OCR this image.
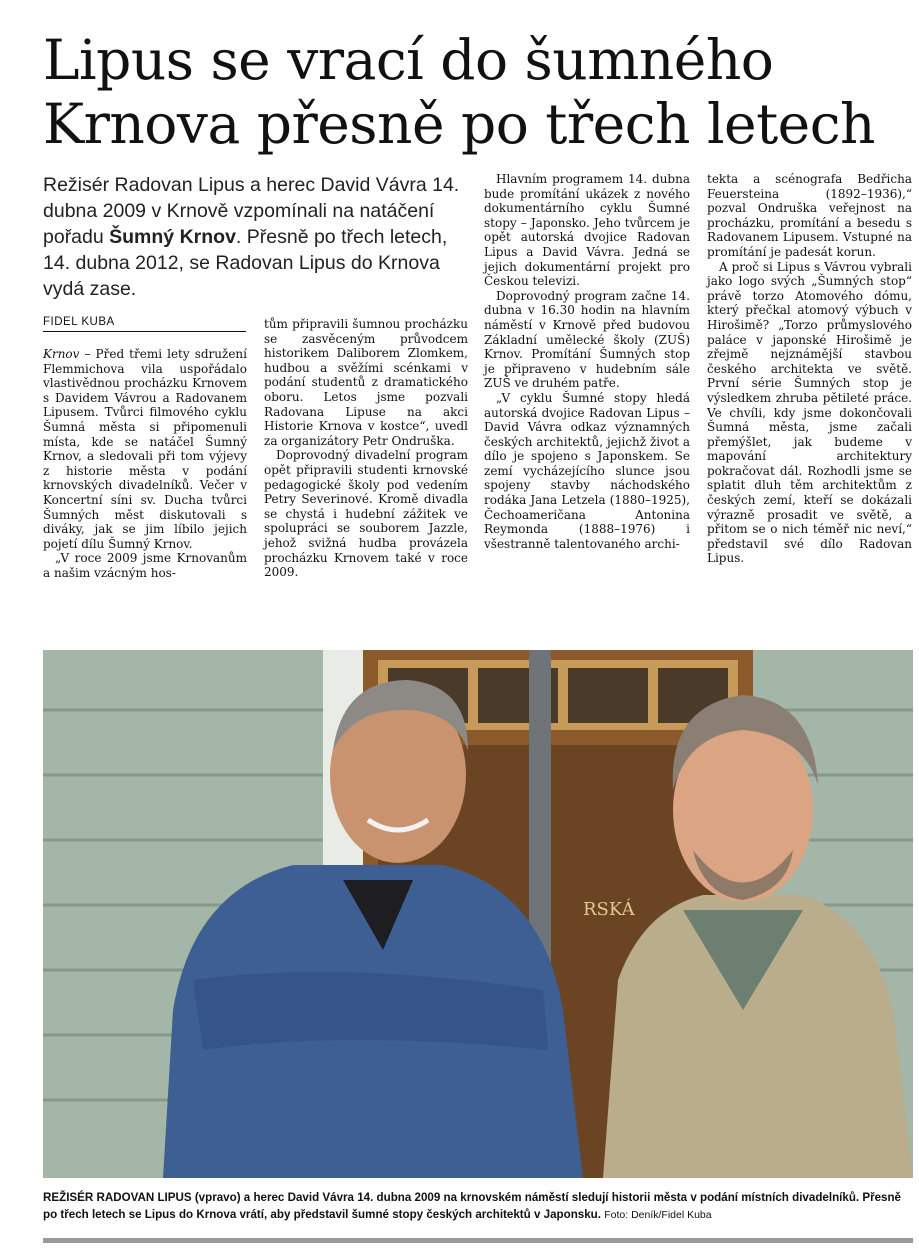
Lipus se vrací do šumného
Krnova přesně po třech letech

Režisér Radovan Lipus a herec David Vávra 14. dubna 2009 v Krnově vzpomínali na natáčení pořadu Šumný Krnov. Přesně po třech letech, 14. dubna 2012, se Radovan Lipus do Krnova vydá zase.

FIDEL KUBA

Krnov – Před třemi lety sdružení Flemmichova vila uspořádalo vlastivědnou procházku Krnovem s Davidem Vávrou a Radovanem Lipusem. Tvůrci filmového cyklu Šumná města si připomenuli místa, kde se natáčel Šumný Krnov, a sledovali při tom výjevy z historie města v podání krnovských divadelníků. Večer v Koncertní síni sv. Ducha tvůrci Šumných měst diskutovali s diváky, jak se jim líbilo jejich pojetí dílu Šumný Krnov.

„V roce 2009 jsme Krnovanům a našim vzácným hos-

tům připravili šumnou procházku se zasvěceným průvodcem historikem Daliborem Zlomkem, hudbou a svěžími scénkami v podání studentů z dramatického oboru. Letos jsme pozvali Radovana Lipuse na akci Historie Krnova v kostce“, uvedl za organizátory Petr Ondruška.

Doprovodný divadelní program opět připravili studenti krnovské pedagogické školy pod vedením Petry Severinové. Kromě divadla se chystá i hudební zážitek ve spolupráci se souborem Jazzle, jehož svižná hudba provázela procházku Krnovem také v roce 2009.

Hlavním programem 14. dubna bude promítání ukázek z nového dokumentárního cyklu Šumné stopy – Japonsko. Jeho tvůrcem je opět autorská dvojice Radovan Lipus a David Vávra. Jedná se jejich dokumentární projekt pro Českou televizi.

Doprovodný program začne 14. dubna v 16.30 hodin na hlavním náměstí v Krnově před budovou Základní umělecké školy (ZUŠ) Krnov. Promítání Šumných stop je připraveno v hudebním sále ZUŠ ve druhém patře.

„V cyklu Šumné stopy hledá autorská dvojice Radovan Lipus – David Vávra odkaz významných českých architektů, jejichž život a dílo je spojeno s Japonskem. Se zemí vycházejícího slunce jsou spojeny stavby náchodského rodáka Jana Letzela (1880–1925), Čechoameričana Antonina Reymonda (1888–1976) i všestranně talentovaného archi-

tekta a scénografa Bedřicha Feuersteina (1892–1936),“ pozval Ondruška veřejnost na procházku, promítání a besedu s Radovanem Lipusem. Vstupné na promítání je padesát korun.

A proč si Lipus s Vávrou vybrali jako logo svých „Šumných stop“ právě torzo Atomového dómu, který přečkal atomový výbuch v Hirošimě? „Torzo průmyslového paláce v japonské Hirošimě je zřejmě nejznámější stavbou českého architekta ve světě. První série Šumných stop je výsledkem zhruba pětileté práce. Ve chvíli, kdy jsme dokončovali Šumná města, jsme začali přemýšlet, jak budeme v mapování architektury pokračovat dál. Rozhodli jsme se splatit dluh těm architektům z českých zemí, kteří se dokázali výrazně prosadit ve světě, a přitom se o nich téměř nic neví,“ představil své dílo Radovan Lipus.

RSKÁ

REŽISÉR RADOVAN LIPUS (vpravo) a herec David Vávra 14. dubna 2009 na krnovském náměstí sledují historii města v podání místních divadelníků. Přesně po třech letech se Lipus do Krnova vrátí, aby představil šumné stopy českých architektů v Japonsku. Foto: Deník/Fidel Kuba
